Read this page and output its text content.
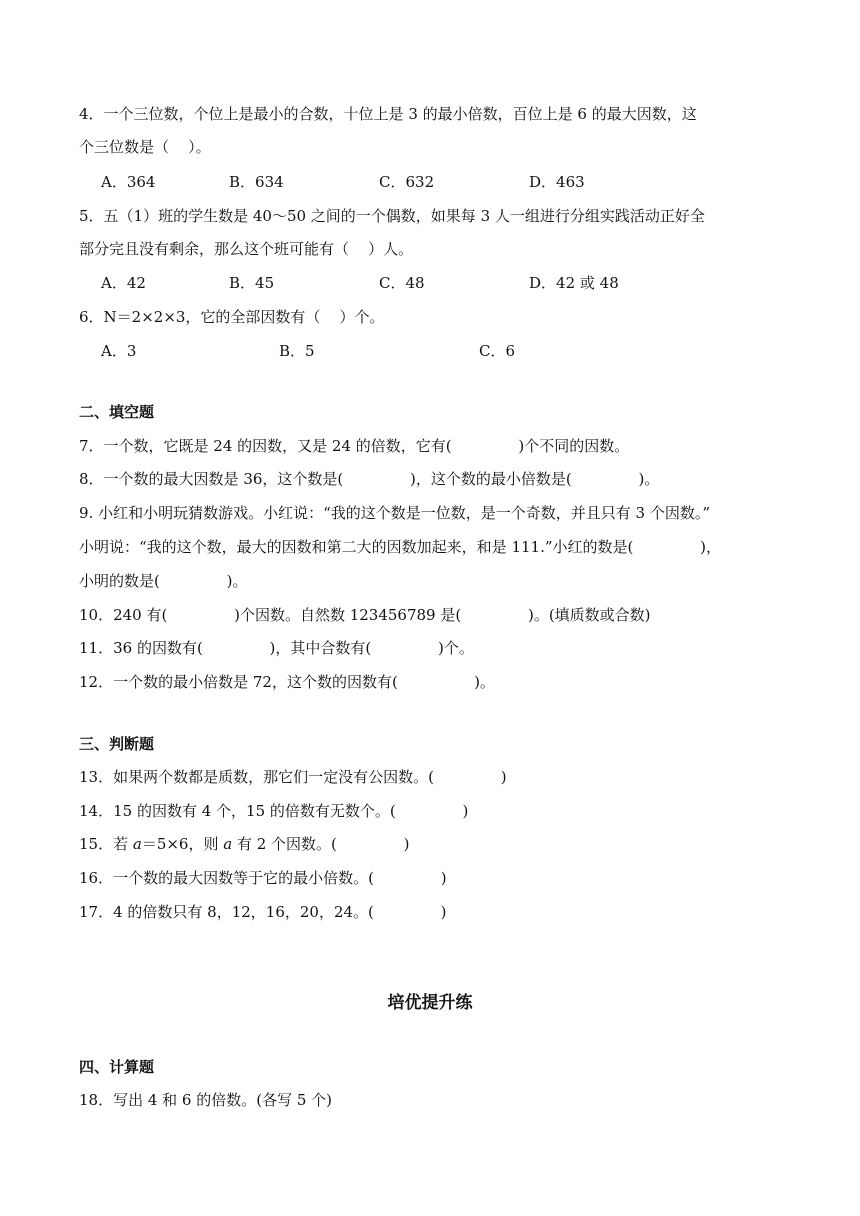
4．一个三位数，个位上是最小的合数，十位上是 3 的最小倍数，百位上是 6 的最大因数，这
个三位数是（    ）。
A．364	B．634	C．632	D．463
5．五（1）班的学生数是 40～50 之间的一个偶数，如果每 3 人一组进行分组实践活动正好全
部分完且没有剩余，那么这个班可能有（    ）人。
A．42	B．45	C．48	D．42 或 48
6．N＝2×2×3，它的全部因数有（    ）个。
A．3	B．5	C．6
二、填空题
7．一个数，它既是 24 的因数，又是 24 的倍数，它有(              )个不同的因数。
8．一个数的最大因数是 36，这个数是(              )，这个数的最小倍数是(              )。
9. 小红和小明玩猜数游戏。小红说：“我的这个数是一位数，是一个奇数，并且只有 3 个因数。”
小明说：“我的这个数，最大的因数和第二大的因数加起来，和是 111.”小红的数是(              )，
小明的数是(              )。
10．240 有(              )个因数。自然数 123456789 是(              )。(填质数或合数)
11．36 的因数有(              )，其中合数有(              )个。
12．一个数的最小倍数是 72，这个数的因数有(                )。
三、判断题
13．如果两个数都是质数，那它们一定没有公因数。(              )
14．15 的因数有 4 个，15 的倍数有无数个。(              )
15．若 a＝5×6，则 a 有 2 个因数。(              )
16．一个数的最大因数等于它的最小倍数。(              )
17．4 的倍数只有 8，12，16，20，24。(              )
培优提升练
四、计算题
18．写出 4 和 6 的倍数。(各写 5 个)
